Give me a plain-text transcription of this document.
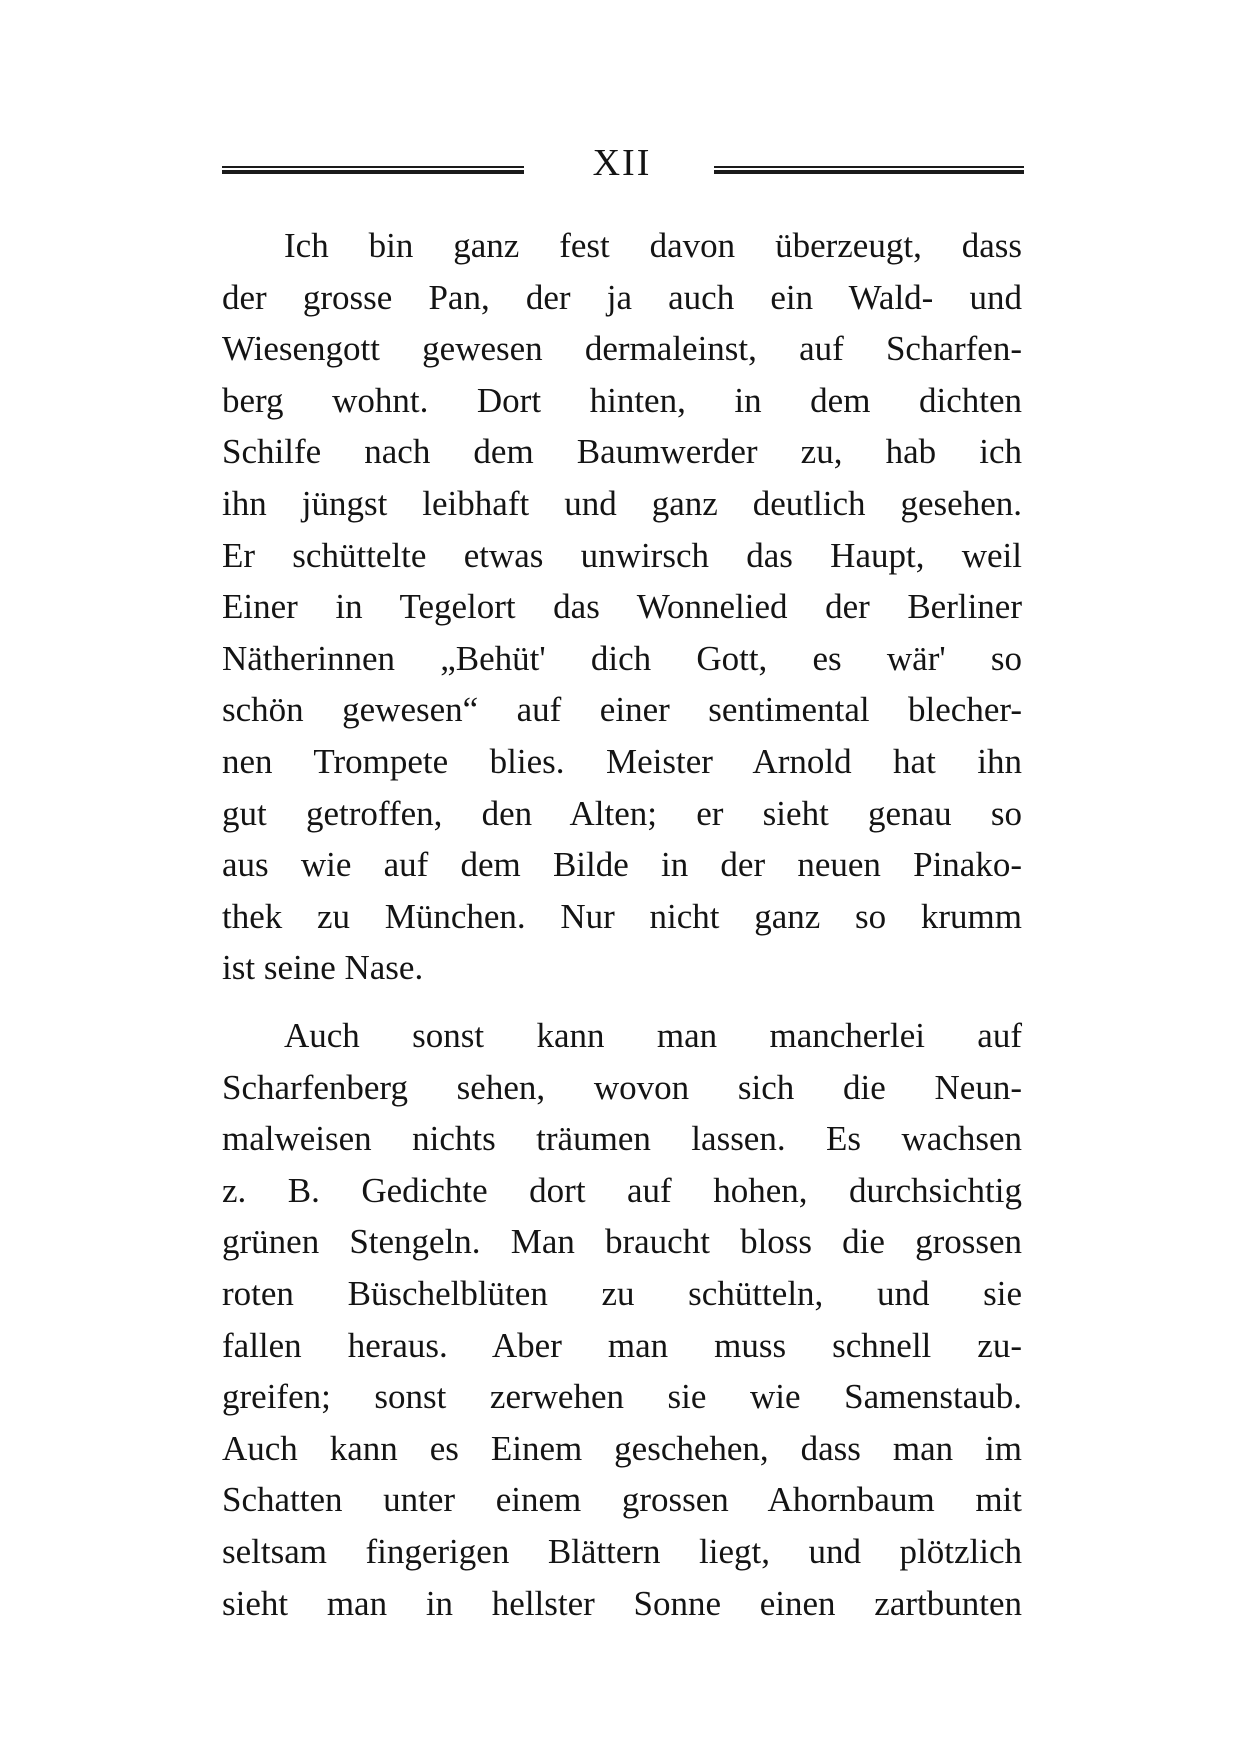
XII
Ich bin ganz fest davon überzeugt, dass
der grosse Pan, der ja auch ein Wald- und
Wiesengott gewesen dermaleinst, auf Scharfen-
berg wohnt. Dort hinten, in dem dichten
Schilfe nach dem Baumwerder zu, hab ich
ihn jüngst leibhaft und ganz deutlich gesehen.
Er schüttelte etwas unwirsch das Haupt, weil
Einer in Tegelort das Wonnelied der Berliner
Nätherinnen „Behüt' dich Gott, es wär' so
schön gewesen“ auf einer sentimental blecher-
nen Trompete blies. Meister Arnold hat ihn
gut getroffen, den Alten; er sieht genau so
aus wie auf dem Bilde in der neuen Pinako-
thek zu München. Nur nicht ganz so krumm
ist seine Nase.
Auch sonst kann man mancherlei auf
Scharfenberg sehen, wovon sich die Neun-
malweisen nichts träumen lassen. Es wachsen
z. B. Gedichte dort auf hohen, durchsichtig
grünen Stengeln. Man braucht bloss die grossen
roten Büschelblüten zu schütteln, und sie
fallen heraus. Aber man muss schnell zu-
greifen; sonst zerwehen sie wie Samenstaub.
Auch kann es Einem geschehen, dass man im
Schatten unter einem grossen Ahornbaum mit
seltsam fingerigen Blättern liegt, und plötzlich
sieht man in hellster Sonne einen zartbunten
